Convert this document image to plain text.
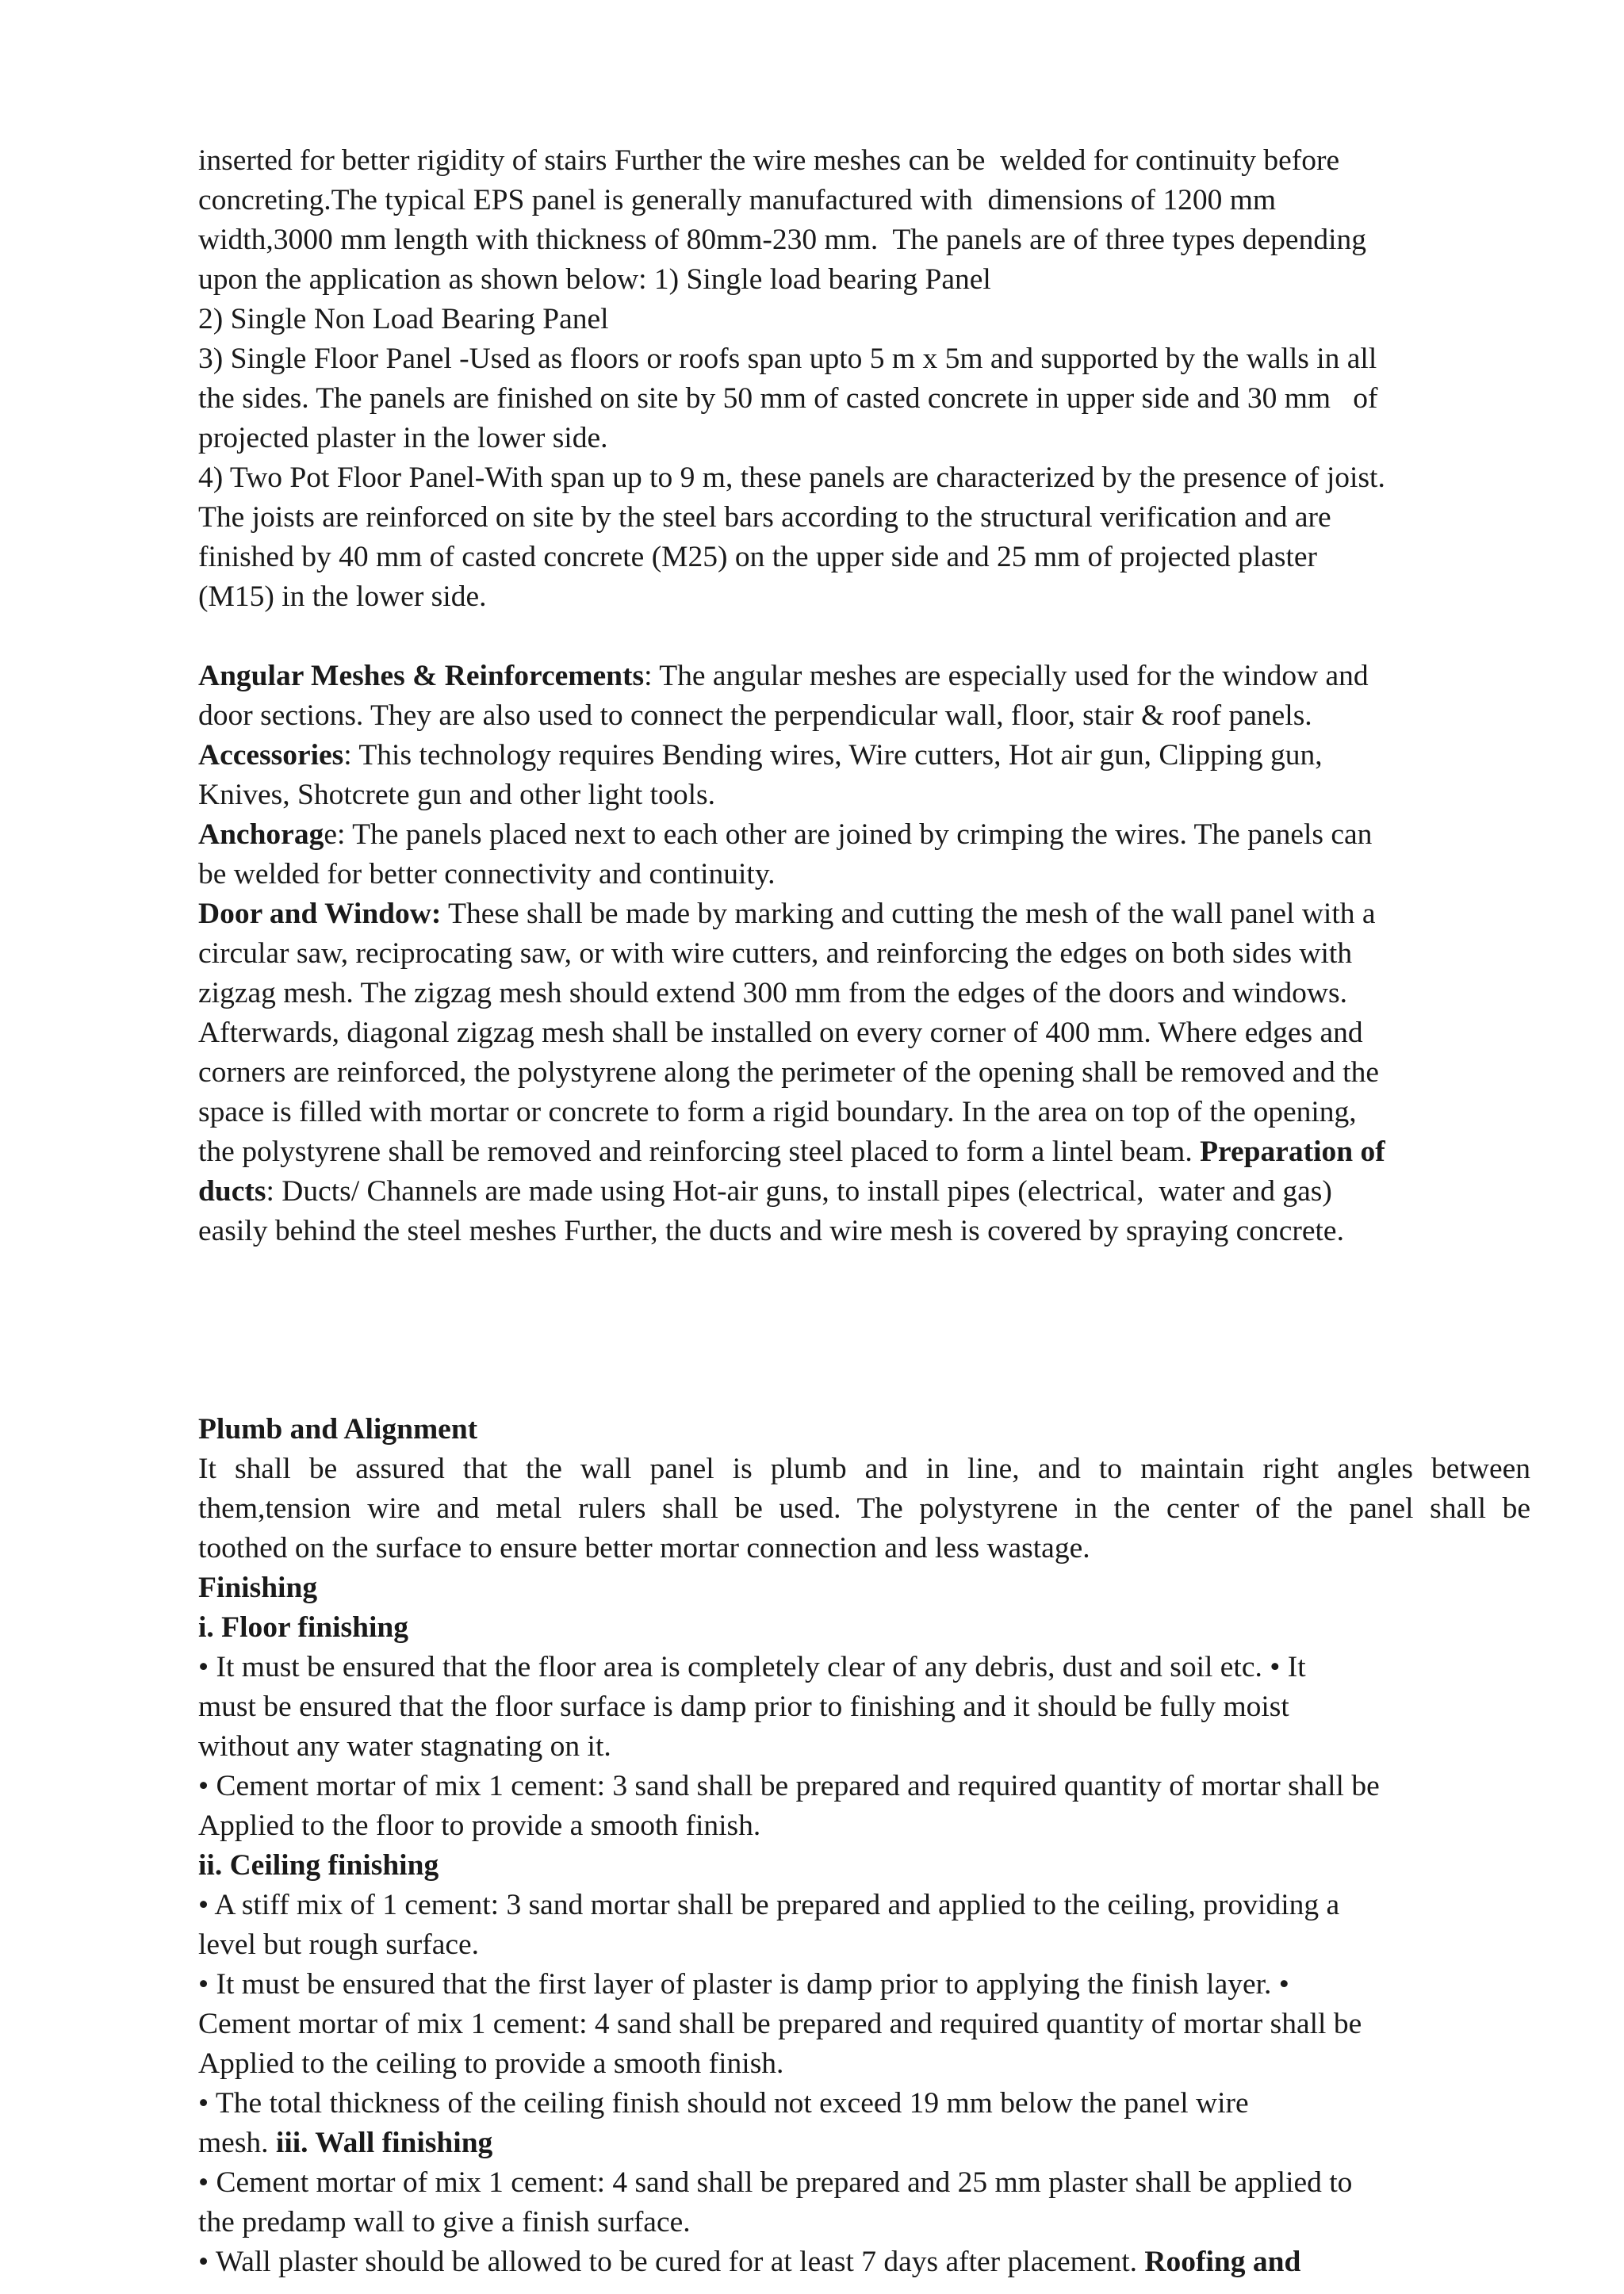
inserted for better rigidity of stairs Further the wire meshes can be  welded for continuity before
concreting.The typical EPS panel is generally manufactured with  dimensions of 1200 mm
width,3000 mm length with thickness of 80mm-230 mm.  The panels are of three types depending
upon the application as shown below: 1) Single load bearing Panel
2) Single Non Load Bearing Panel
3) Single Floor Panel -Used as floors or roofs span upto 5 m x 5m and supported by the walls in all
the sides. The panels are finished on site by 50 mm of casted concrete in upper side and 30 mm   of
projected plaster in the lower side.
4) Two Pot Floor Panel-With span up to 9 m, these panels are characterized by the presence of joist.
The joists are reinforced on site by the steel bars according to the structural verification and are
finished by 40 mm of casted concrete (M25) on the upper side and 25 mm of projected plaster
(M15) in the lower side.
Angular Meshes & Reinforcements: The angular meshes are especially used for the window and
door sections. They are also used to connect the perpendicular wall, floor, stair & roof panels.
Accessories: This technology requires Bending wires, Wire cutters, Hot air gun, Clipping gun,
Knives, Shotcrete gun and other light tools.
Anchorage: The panels placed next to each other are joined by crimping the wires. The panels can
be welded for better connectivity and continuity.
Door and Window: These shall be made by marking and cutting the mesh of the wall panel with a
circular saw, reciprocating saw, or with wire cutters, and reinforcing the edges on both sides with
zigzag mesh. The zigzag mesh should extend 300 mm from the edges of the doors and windows.
Afterwards, diagonal zigzag mesh shall be installed on every corner of 400 mm. Where edges and
corners are reinforced, the polystyrene along the perimeter of the opening shall be removed and the
space is filled with mortar or concrete to form a rigid boundary. In the area on top of the opening,
the polystyrene shall be removed and reinforcing steel placed to form a lintel beam. Preparation of
ducts: Ducts/ Channels are made using Hot-air guns, to install pipes (electrical,  water and gas)
easily behind the steel meshes Further, the ducts and wire mesh is covered by spraying concrete.
Plumb and Alignment
It shall be assured that the wall panel is plumb and in line, and to maintain right angles between
them,tension wire and metal rulers shall be used. The polystyrene in the center of the panel shall be
toothed on the surface to ensure better mortar connection and less wastage.
Finishing
i. Floor finishing
• It must be ensured that the floor area is completely clear of any debris, dust and soil etc. • It
must be ensured that the floor surface is damp prior to finishing and it should be fully moist
without any water stagnating on it.
• Cement mortar of mix 1 cement: 3 sand shall be prepared and required quantity of mortar shall be
Applied to the floor to provide a smooth finish.
ii. Ceiling finishing
• A stiff mix of 1 cement: 3 sand mortar shall be prepared and applied to the ceiling, providing a
level but rough surface.
• It must be ensured that the first layer of plaster is damp prior to applying the finish layer. •
Cement mortar of mix 1 cement: 4 sand shall be prepared and required quantity of mortar shall be
Applied to the ceiling to provide a smooth finish.
• The total thickness of the ceiling finish should not exceed 19 mm below the panel wire
mesh. iii. Wall finishing
• Cement mortar of mix 1 cement: 4 sand shall be prepared and 25 mm plaster shall be applied to
the predamp wall to give a finish surface.
• Wall plaster should be allowed to be cured for at least 7 days after placement. Roofing and
